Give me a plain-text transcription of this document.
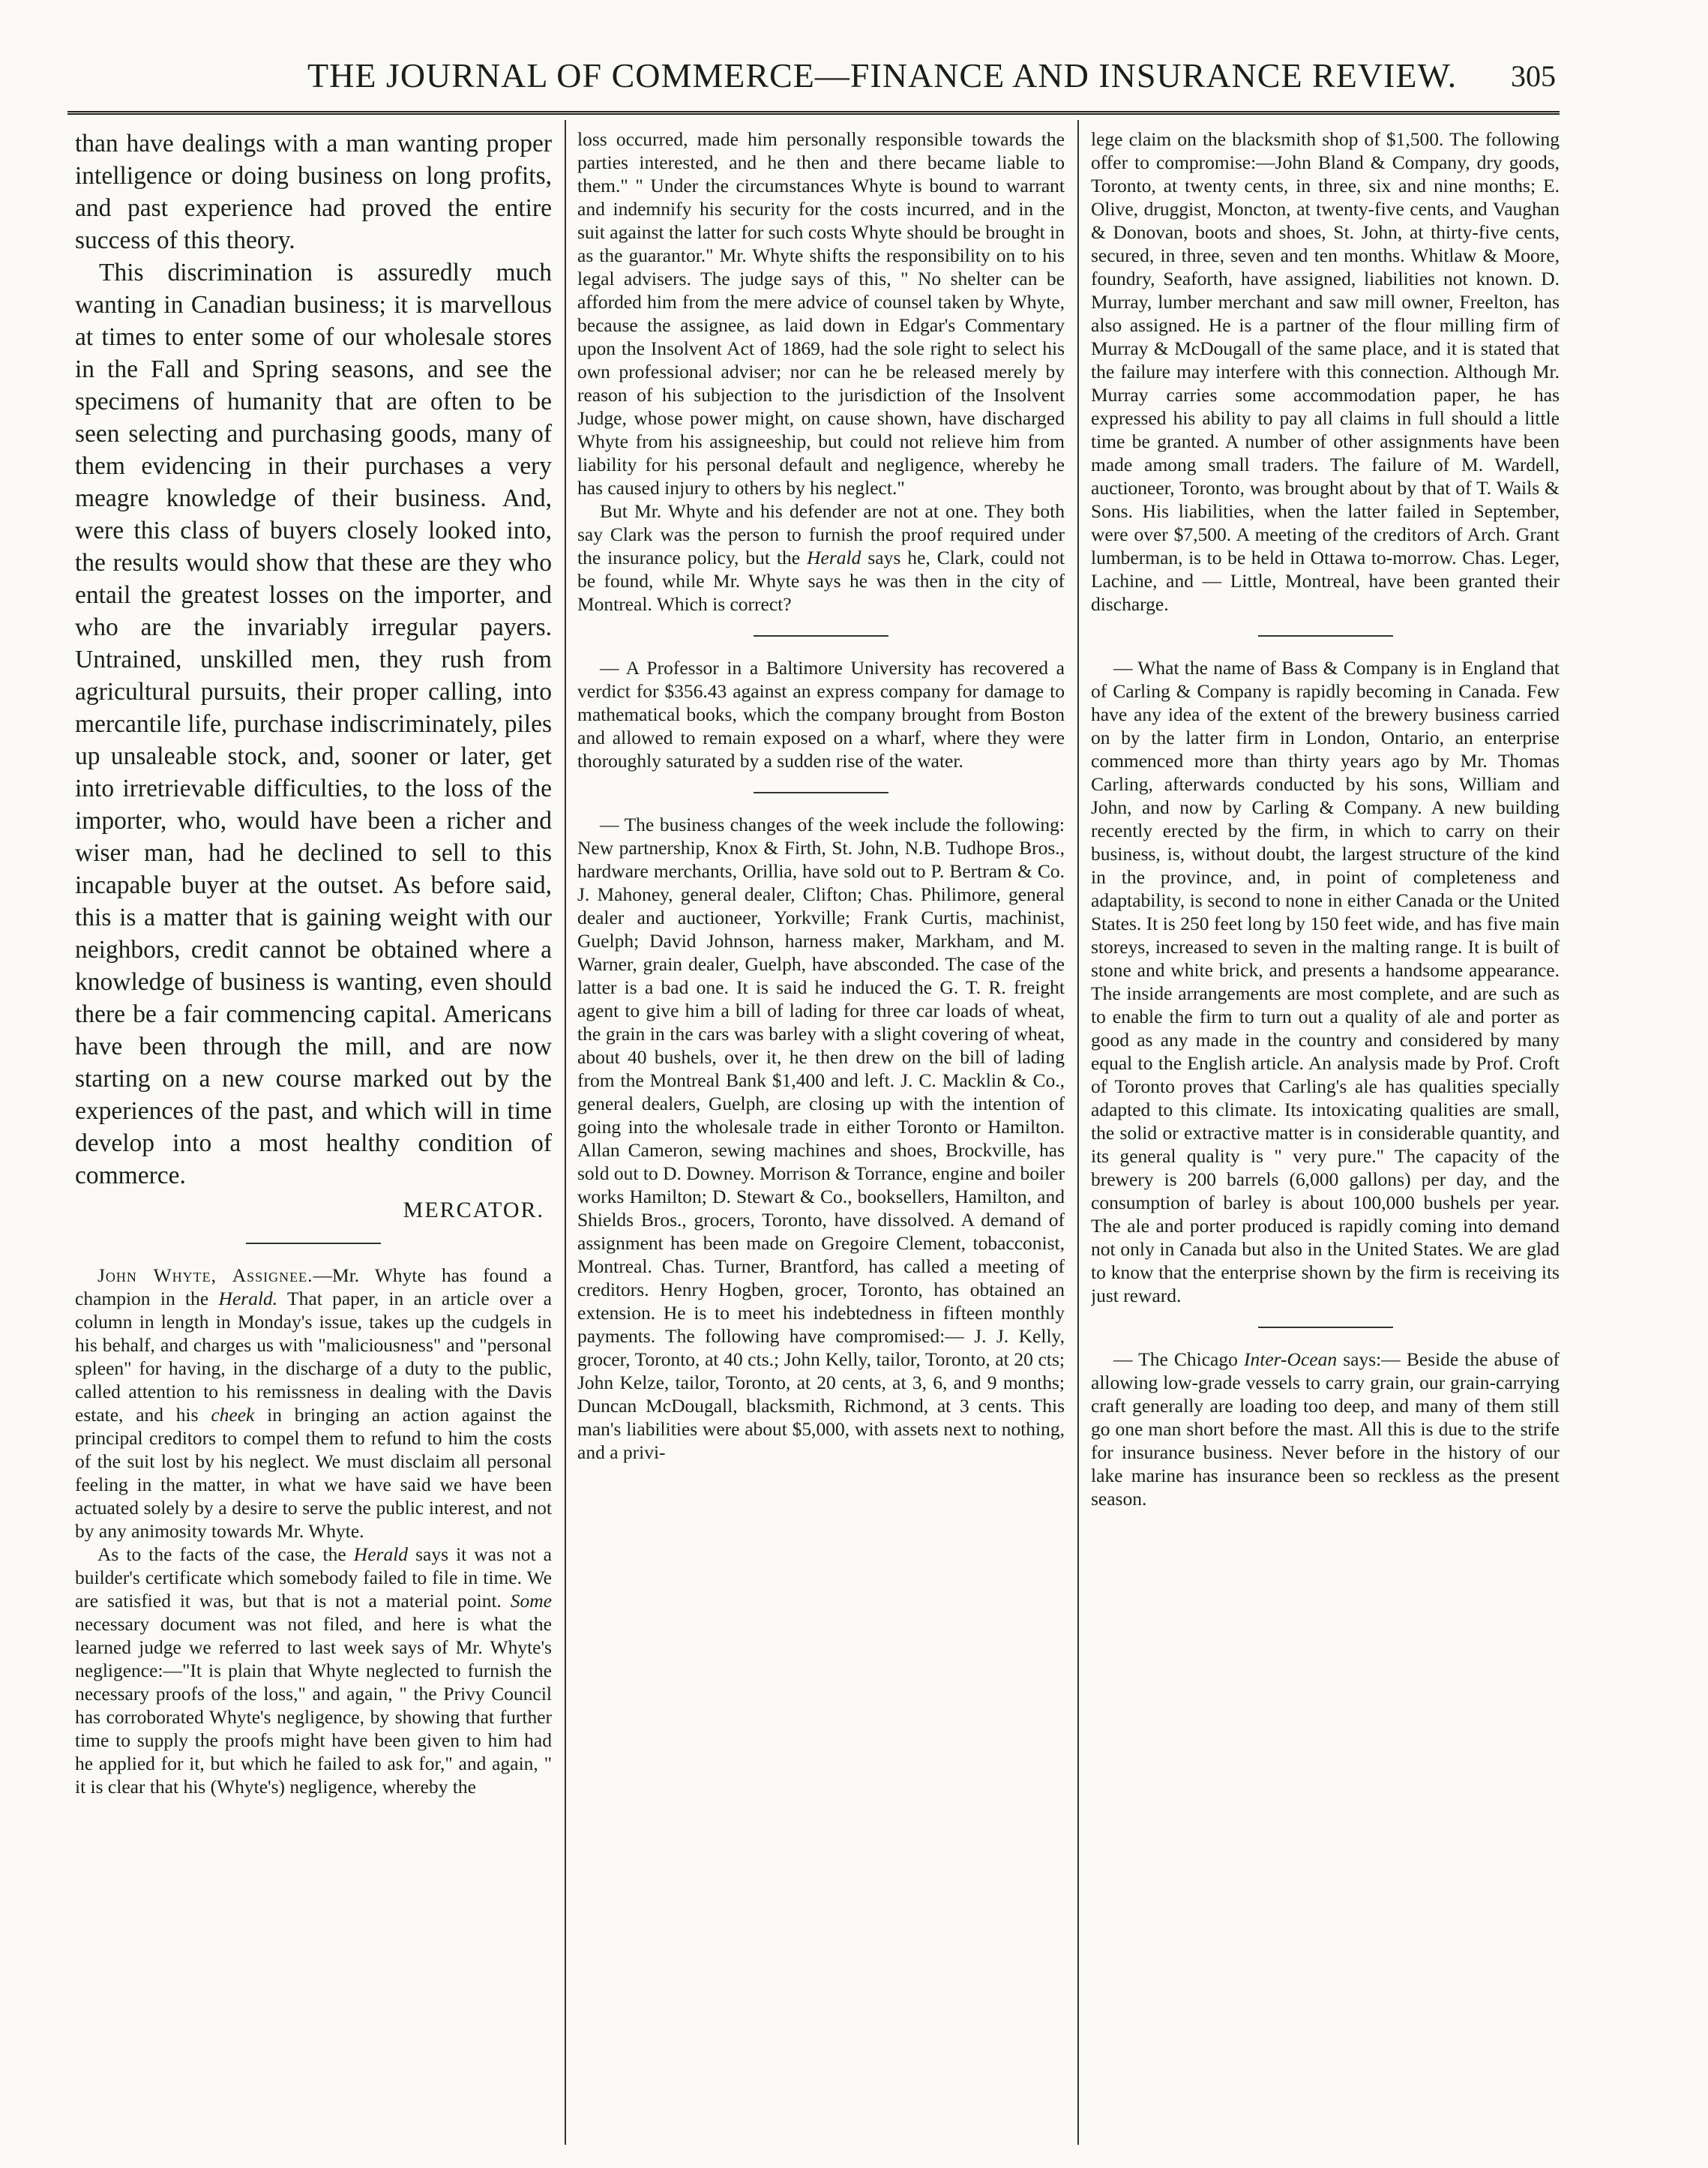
THE JOURNAL OF COMMERCE—FINANCE AND INSURANCE REVIEW. 305

than have dealings with a man wanting proper intelligence or doing business on long profits, and past experience had proved the entire success of this theory.

This discrimination is assuredly much wanting in Canadian business; it is marvellous at times to enter some of our wholesale stores in the Fall and Spring seasons, and see the specimens of humanity that are often to be seen selecting and purchasing goods, many of them evidencing in their purchases a very meagre knowledge of their business. And, were this class of buyers closely looked into, the results would show that these are they who entail the greatest losses on the importer, and who are the invariably irregular payers. Untrained, unskilled men, they rush from agricultural pursuits, their proper calling, into mercantile life, purchase indiscriminately, piles up unsaleable stock, and, sooner or later, get into irretrievable difficulties, to the loss of the importer, who, would have been a richer and wiser man, had he declined to sell to this incapable buyer at the outset. As before said, this is a matter that is gaining weight with our neighbors, credit cannot be obtained where a knowledge of business is wanting, even should there be a fair commencing capital. Americans have been through the mill, and are now starting on a new course marked out by the experiences of the past, and which will in time develop into a most healthy condition of commerce.

MERCATOR.

John Whyte, Assignee.—Mr. Whyte has found a champion in the Herald. That paper, in an article over a column in length in Monday's issue, takes up the cudgels in his behalf, and charges us with "maliciousness" and "personal spleen" for having, in the discharge of a duty to the public, called attention to his remissness in dealing with the Davis estate, and his cheek in bringing an action against the principal creditors to compel them to refund to him the costs of the suit lost by his neglect. We must disclaim all personal feeling in the matter, in what we have said we have been actuated solely by a desire to serve the public interest, and not by any animosity towards Mr. Whyte.

As to the facts of the case, the Herald says it was not a builder's certificate which somebody failed to file in time. We are satisfied it was, but that is not a material point. Some necessary document was not filed, and here is what the learned judge we referred to last week says of Mr. Whyte's negligence:—"It is plain that Whyte neglected to furnish the necessary proofs of the loss," and again, " the Privy Council has corroborated Whyte's negligence, by showing that further time to supply the proofs might have been given to him had he applied for it, but which he failed to ask for," and again, " it is clear that his (Whyte's) negligence, whereby the

loss occurred, made him personally responsible towards the parties interested, and he then and there became liable to them." " Under the circumstances Whyte is bound to warrant and indemnify his security for the costs incurred, and in the suit against the latter for such costs Whyte should be brought in as the guarantor." Mr. Whyte shifts the responsibility on to his legal advisers. The judge says of this, " No shelter can be afforded him from the mere advice of counsel taken by Whyte, because the assignee, as laid down in Edgar's Commentary upon the Insolvent Act of 1869, had the sole right to select his own professional adviser; nor can he be released merely by reason of his subjection to the jurisdiction of the Insolvent Judge, whose power might, on cause shown, have discharged Whyte from his assigneeship, but could not relieve him from liability for his personal default and negligence, whereby he has caused injury to others by his neglect."

But Mr. Whyte and his defender are not at one. They both say Clark was the person to furnish the proof required under the insurance policy, but the Herald says he, Clark, could not be found, while Mr. Whyte says he was then in the city of Montreal. Which is correct?

— A Professor in a Baltimore University has recovered a verdict for $356.43 against an express company for damage to mathematical books, which the company brought from Boston and allowed to remain exposed on a wharf, where they were thoroughly saturated by a sudden rise of the water.

— The business changes of the week include the following: New partnership, Knox & Firth, St. John, N.B. Tudhope Bros., hardware merchants, Orillia, have sold out to P. Bertram & Co. J. Mahoney, general dealer, Clifton; Chas. Philimore, general dealer and auctioneer, Yorkville; Frank Curtis, machinist, Guelph; David Johnson, harness maker, Markham, and M. Warner, grain dealer, Guelph, have absconded. The case of the latter is a bad one. It is said he induced the G. T. R. freight agent to give him a bill of lading for three car loads of wheat, the grain in the cars was barley with a slight covering of wheat, about 40 bushels, over it, he then drew on the bill of lading from the Montreal Bank $1,400 and left. J. C. Macklin & Co., general dealers, Guelph, are closing up with the intention of going into the wholesale trade in either Toronto or Hamilton. Allan Cameron, sewing machines and shoes, Brockville, has sold out to D. Downey. Morrison & Torrance, engine and boiler works Hamilton; D. Stewart & Co., booksellers, Hamilton, and Shields Bros., grocers, Toronto, have dissolved. A demand of assignment has been made on Gregoire Clement, tobacconist, Montreal. Chas. Turner, Brantford, has called a meeting of creditors. Henry Hogben, grocer, Toronto, has obtained an extension. He is to meet his indebtedness in fifteen monthly payments. The following have compromised:— J. J. Kelly, grocer, Toronto, at 40 cts.; John Kelly, tailor, Toronto, at 20 cts; John Kelze, tailor, Toronto, at 20 cents, at 3, 6, and 9 months; Duncan McDougall, blacksmith, Richmond, at 3 cents. This man's liabilities were about $5,000, with assets next to nothing, and a privi-

lege claim on the blacksmith shop of $1,500. The following offer to compromise:—John Bland & Company, dry goods, Toronto, at twenty cents, in three, six and nine months; E. Olive, druggist, Moncton, at twenty-five cents, and Vaughan & Donovan, boots and shoes, St. John, at thirty-five cents, secured, in three, seven and ten months. Whitlaw & Moore, foundry, Seaforth, have assigned, liabilities not known. D. Murray, lumber merchant and saw mill owner, Freelton, has also assigned. He is a partner of the flour milling firm of Murray & McDougall of the same place, and it is stated that the failure may interfere with this connection. Although Mr. Murray carries some accommodation paper, he has expressed his ability to pay all claims in full should a little time be granted. A number of other assignments have been made among small traders. The failure of M. Wardell, auctioneer, Toronto, was brought about by that of T. Wails & Sons. His liabilities, when the latter failed in September, were over $7,500. A meeting of the creditors of Arch. Grant lumberman, is to be held in Ottawa to-morrow. Chas. Leger, Lachine, and — Little, Montreal, have been granted their discharge.

— What the name of Bass & Company is in England that of Carling & Company is rapidly becoming in Canada. Few have any idea of the extent of the brewery business carried on by the latter firm in London, Ontario, an enterprise commenced more than thirty years ago by Mr. Thomas Carling, afterwards conducted by his sons, William and John, and now by Carling & Company. A new building recently erected by the firm, in which to carry on their business, is, without doubt, the largest structure of the kind in the province, and, in point of completeness and adaptability, is second to none in either Canada or the United States. It is 250 feet long by 150 feet wide, and has five main storeys, increased to seven in the malting range. It is built of stone and white brick, and presents a handsome appearance. The inside arrangements are most complete, and are such as to enable the firm to turn out a quality of ale and porter as good as any made in the country and considered by many equal to the English article. An analysis made by Prof. Croft of Toronto proves that Carling's ale has qualities specially adapted to this climate. Its intoxicating qualities are small, the solid or extractive matter is in considerable quantity, and its general quality is " very pure." The capacity of the brewery is 200 barrels (6,000 gallons) per day, and the consumption of barley is about 100,000 bushels per year. The ale and porter produced is rapidly coming into demand not only in Canada but also in the United States. We are glad to know that the enterprise shown by the firm is receiving its just reward.

— The Chicago Inter-Ocean says:— Beside the abuse of allowing low-grade vessels to carry grain, our grain-carrying craft generally are loading too deep, and many of them still go one man short before the mast. All this is due to the strife for insurance business. Never before in the history of our lake marine has insurance been so reckless as the present season.
